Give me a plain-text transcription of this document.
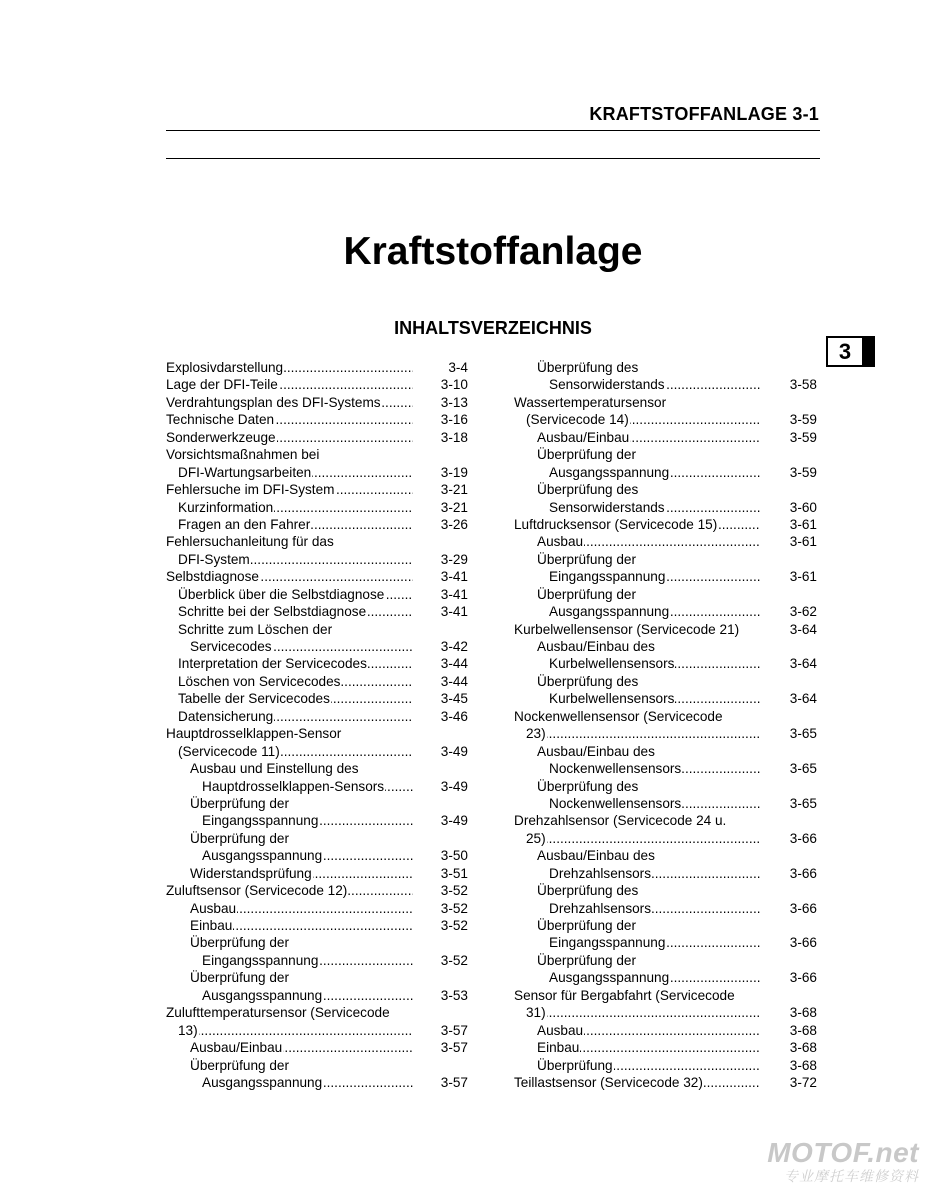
KRAFTSTOFFANLAGE 3-1
Kraftstoffanlage
INHALTSVERZEICHNIS
3
.....
Explosivdarstellung	3-4
.....
Lage der DFI-Teile	3-10
.....
Verdrahtungsplan des DFI-Systems	3-13
.....
Technische Daten	3-16
.....
Sonderwerkzeuge	3-18
Vorsichtsmaßnahmen bei
.....
DFI-Wartungsarbeiten	3-19
.....
Fehlersuche im DFI-System	3-21
.....
Kurzinformation	3-21
.....
Fragen an den Fahrer	3-26
Fehlersuchanleitung für das
.....
DFI-System	3-29
.....
Selbstdiagnose	3-41
.....
Überblick über die Selbstdiagnose	3-41
.....
Schritte bei der Selbstdiagnose	3-41
Schritte zum Löschen der
.....
Servicecodes	3-42
.....
Interpretation der Servicecodes	3-44
.....
Löschen von Servicecodes	3-44
.....
Tabelle der Servicecodes	3-45
.....
Datensicherung	3-46
Hauptdrosselklappen-Sensor
.....
(Servicecode 11)	3-49
Ausbau und Einstellung des
.....
Hauptdrosselklappen-Sensors	3-49
Überprüfung der
.....
Eingangsspannung	3-49
Überprüfung der
.....
Ausgangsspannung	3-50
.....
Widerstandsprüfung	3-51
.....
Zuluftsensor (Servicecode 12)	3-52
.....
Ausbau	3-52
.....
Einbau	3-52
Überprüfung der
.....
Eingangsspannung	3-52
Überprüfung der
.....
Ausgangsspannung	3-53
Zulufttemperatursensor (Servicecode
.....
13)	3-57
.....
Ausbau/Einbau	3-57
Überprüfung der
.....
Ausgangsspannung	3-57
Überprüfung des
.....
Sensorwiderstands	3-58
Wassertemperatursensor
.....
(Servicecode 14)	3-59
.....
Ausbau/Einbau	3-59
Überprüfung der
.....
Ausgangsspannung	3-59
Überprüfung des
.....
Sensorwiderstands	3-60
.....
Luftdrucksensor (Servicecode 15)	3-61
.....
Ausbau	3-61
Überprüfung der
.....
Eingangsspannung	3-61
Überprüfung der
.....
Ausgangsspannung	3-62
Kurbelwellensensor (Servicecode 21)	3-64
Ausbau/Einbau des
.....
Kurbelwellensensors	3-64
Überprüfung des
.....
Kurbelwellensensors	3-64
Nockenwellensensor (Servicecode
.....
23)	3-65
Ausbau/Einbau des
.....
Nockenwellensensors	3-65
Überprüfung des
.....
Nockenwellensensors	3-65
Drehzahlsensor (Servicecode 24 u.
.....
25)	3-66
Ausbau/Einbau des
.....
Drehzahlsensors	3-66
Überprüfung des
.....
Drehzahlsensors	3-66
Überprüfung der
.....
Eingangsspannung	3-66
Überprüfung der
.....
Ausgangsspannung	3-66
Sensor für Bergabfahrt (Servicecode
.....
31)	3-68
.....
Ausbau	3-68
.....
Einbau	3-68
.....
Überprüfung	3-68
.....
Teillastsensor (Servicecode 32)	3-72
MOTOF.net
专业摩托车维修资料
